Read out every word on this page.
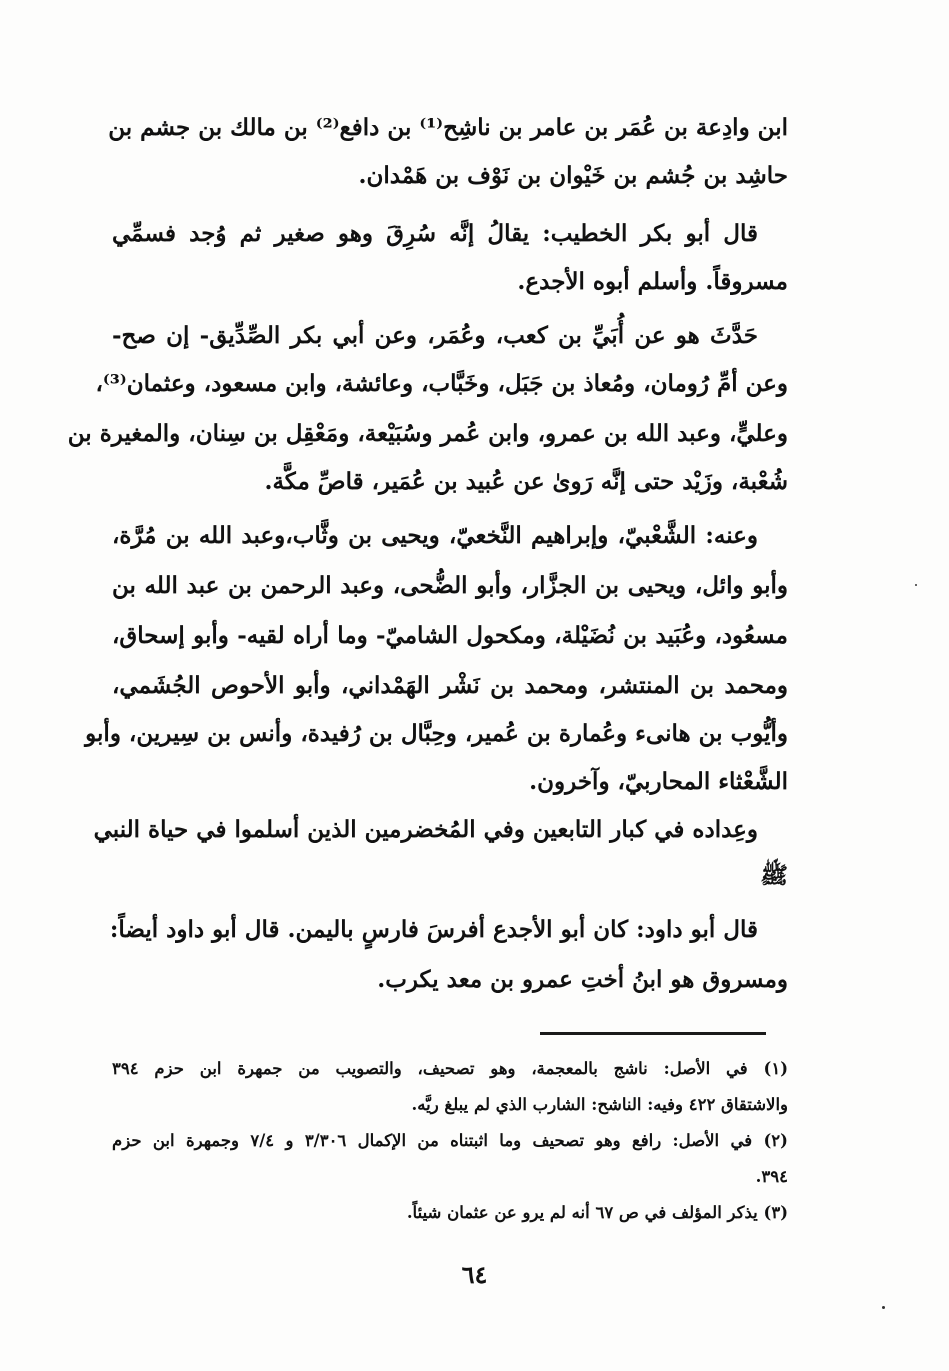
ابن وادِعة بن عُمَر بن عامر بن ناشِح⁽¹⁾ بن دافع⁽²⁾ بن مالك بن جشم بن
حاشِد بن جُشم بن خَيْوان بن نَوْف بن هَمْدان.
قال أبو بكر الخطيب: يقالُ إنَّه سُرِقَ وهو صغير ثم وُجد فسمِّي
مسروقاً. وأسلم أبوه الأجدع.
حَدَّثَ هو عن أُبَيِّ بن كعب، وعُمَر، وعن أبي بكر الصِّدِّيق- إن صح-
وعن أمِّ رُومان، ومُعاذ بن جَبَل، وخَبَّاب، وعائشة، وابن مسعود، وعثمان⁽³⁾،
وعليٍّ، وعبد الله بن عمرو، وابن عُمر وسُبَيْعة، ومَعْقِل بن سِنان، والمغيرة بن
شُعْبة، وزَيْد حتى إنَّه رَوىٰ عن عُبيد بن عُمَير، قاصِّ مكَّة.
وعنه: الشَّعْبيّ، وإبراهيم النَّخعيّ، ويحيى بن وثَّاب،وعبد الله بن مُرَّة،
وأبو وائل، ويحيى بن الجزَّار، وأبو الضُّحى، وعبد الرحمن بن عبد الله بن
مسعُود، وعُبَيد بن نُضَيْلة، ومكحول الشاميّ- وما أراه لقيه- وأبو إسحاق،
ومحمد بن المنتشر، ومحمد بن نَشْر الهَمْداني، وأبو الأحوص الجُشَمي،
وأيُّوب بن هانىء وعُمارة بن عُمير، وحِبَّال بن رُفيدة، وأنس بن سِيرين، وأبو
الشَّعْثاء المحاربيّ، وآخرون.
وعِداده في كبار التابعين وفي المُخضرمين الذين أسلموا في حياة النبي
ﷺ
قال أبو داود: كان أبو الأجدع أفرسَ فارسٍ باليمن. قال أبو داود أيضاً:
ومسروق هو ابنُ أختِ عمرو بن معد يكرب.
(١) في الأصل: ناشج بالمعجمة، وهو تصحيف، والتصويب من جمهرة ابن حزم ٣٩٤
والاشتقاق ٤٢٢ وفيه: الناشح: الشارب الذي لم يبلغ ريَّه.
(٢) في الأصل: رافع وهو تصحيف وما اثبتناه من الإكمال ٣/٣٠٦ و ٧/٤ وجمهرة ابن حزم
٣٩٤.
(٣) يذكر المؤلف في ص ٦٧ أنه لم يرو عن عثمان شيئاً.
٦٤
